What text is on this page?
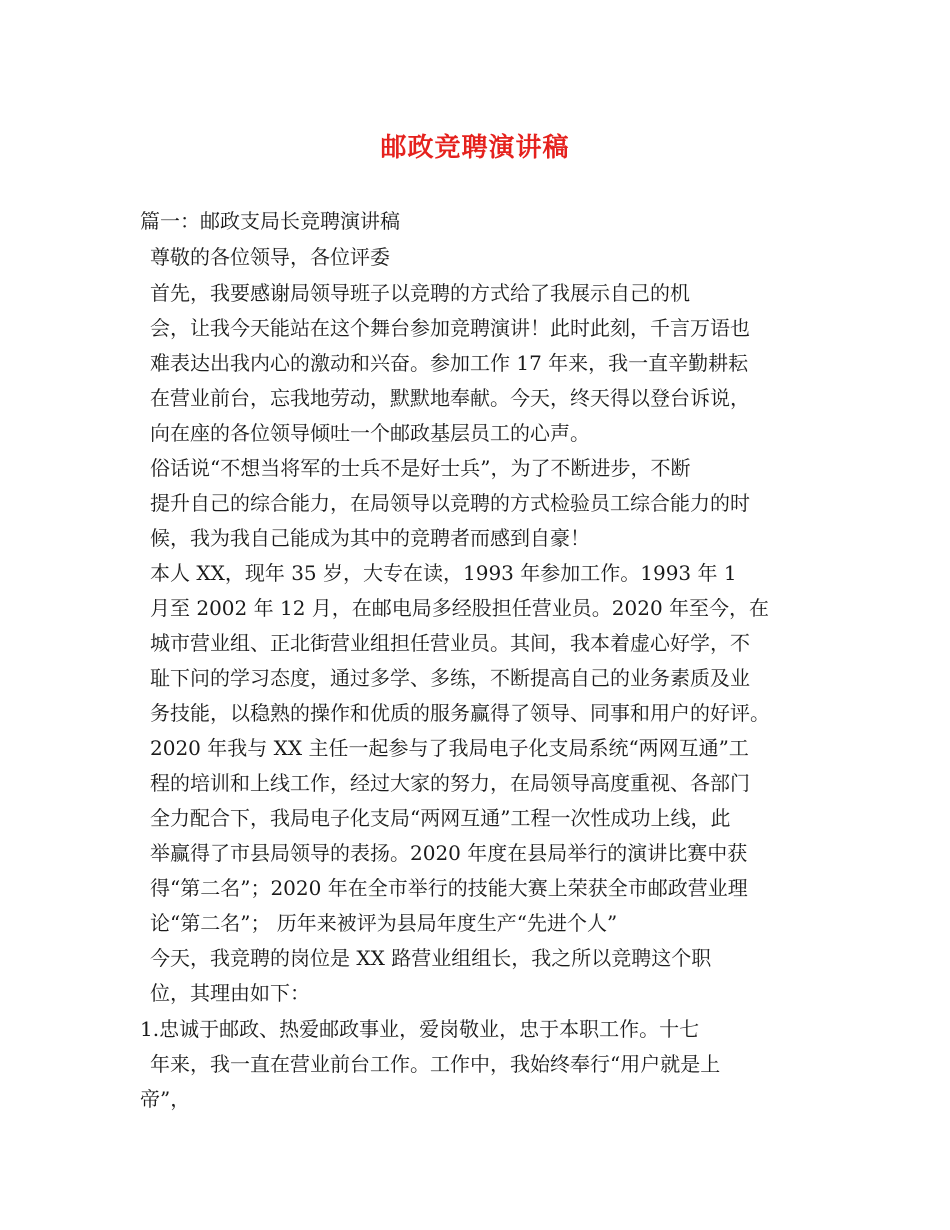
邮政竞聘演讲稿
篇一：邮政支局长竞聘演讲稿
尊敬的各位领导，各位评委
首先，我要感谢局领导班子以竞聘的方式给了我展示自己的机
会，让我今天能站在这个舞台参加竞聘演讲！此时此刻，千言万语也
难表达出我内心的激动和兴奋。参加工作 17 年来，我一直辛勤耕耘
在营业前台，忘我地劳动，默默地奉献。今天，终天得以登台诉说，
向在座的各位领导倾吐一个邮政基层员工的心声。
俗话说“不想当将军的士兵不是好士兵”，为了不断进步，不断
提升自己的综合能力，在局领导以竞聘的方式检验员工综合能力的时
候，我为我自己能成为其中的竞聘者而感到自豪！
本人 XX，现年 35 岁，大专在读，1993 年参加工作。1993 年 1
月至 2002 年 12 月，在邮电局多经股担任营业员。2020 年至今，在
城市营业组、正北街营业组担任营业员。其间，我本着虚心好学，不
耻下问的学习态度，通过多学、多练，不断提高自己的业务素质及业
务技能，以稳熟的操作和优质的服务赢得了领导、同事和用户的好评。
2020 年我与 XX 主任一起参与了我局电子化支局系统“两网互通”工
程的培训和上线工作，经过大家的努力，在局领导高度重视、各部门
全力配合下，我局电子化支局“两网互通”工程一次性成功上线，此
举赢得了市县局领导的表扬。2020 年度在县局举行的演讲比赛中获
得“第二名”；2020 年在全市举行的技能大赛上荣获全市邮政营业理
论“第二名”； 历年来被评为县局年度生产“先进个人”
今天，我竞聘的岗位是 XX 路营业组组长，我之所以竞聘这个职
位，其理由如下：
1.忠诚于邮政、热爱邮政事业，爱岗敬业，忠于本职工作。十七
年来，我一直在营业前台工作。工作中，我始终奉行“用户就是上
帝”，
